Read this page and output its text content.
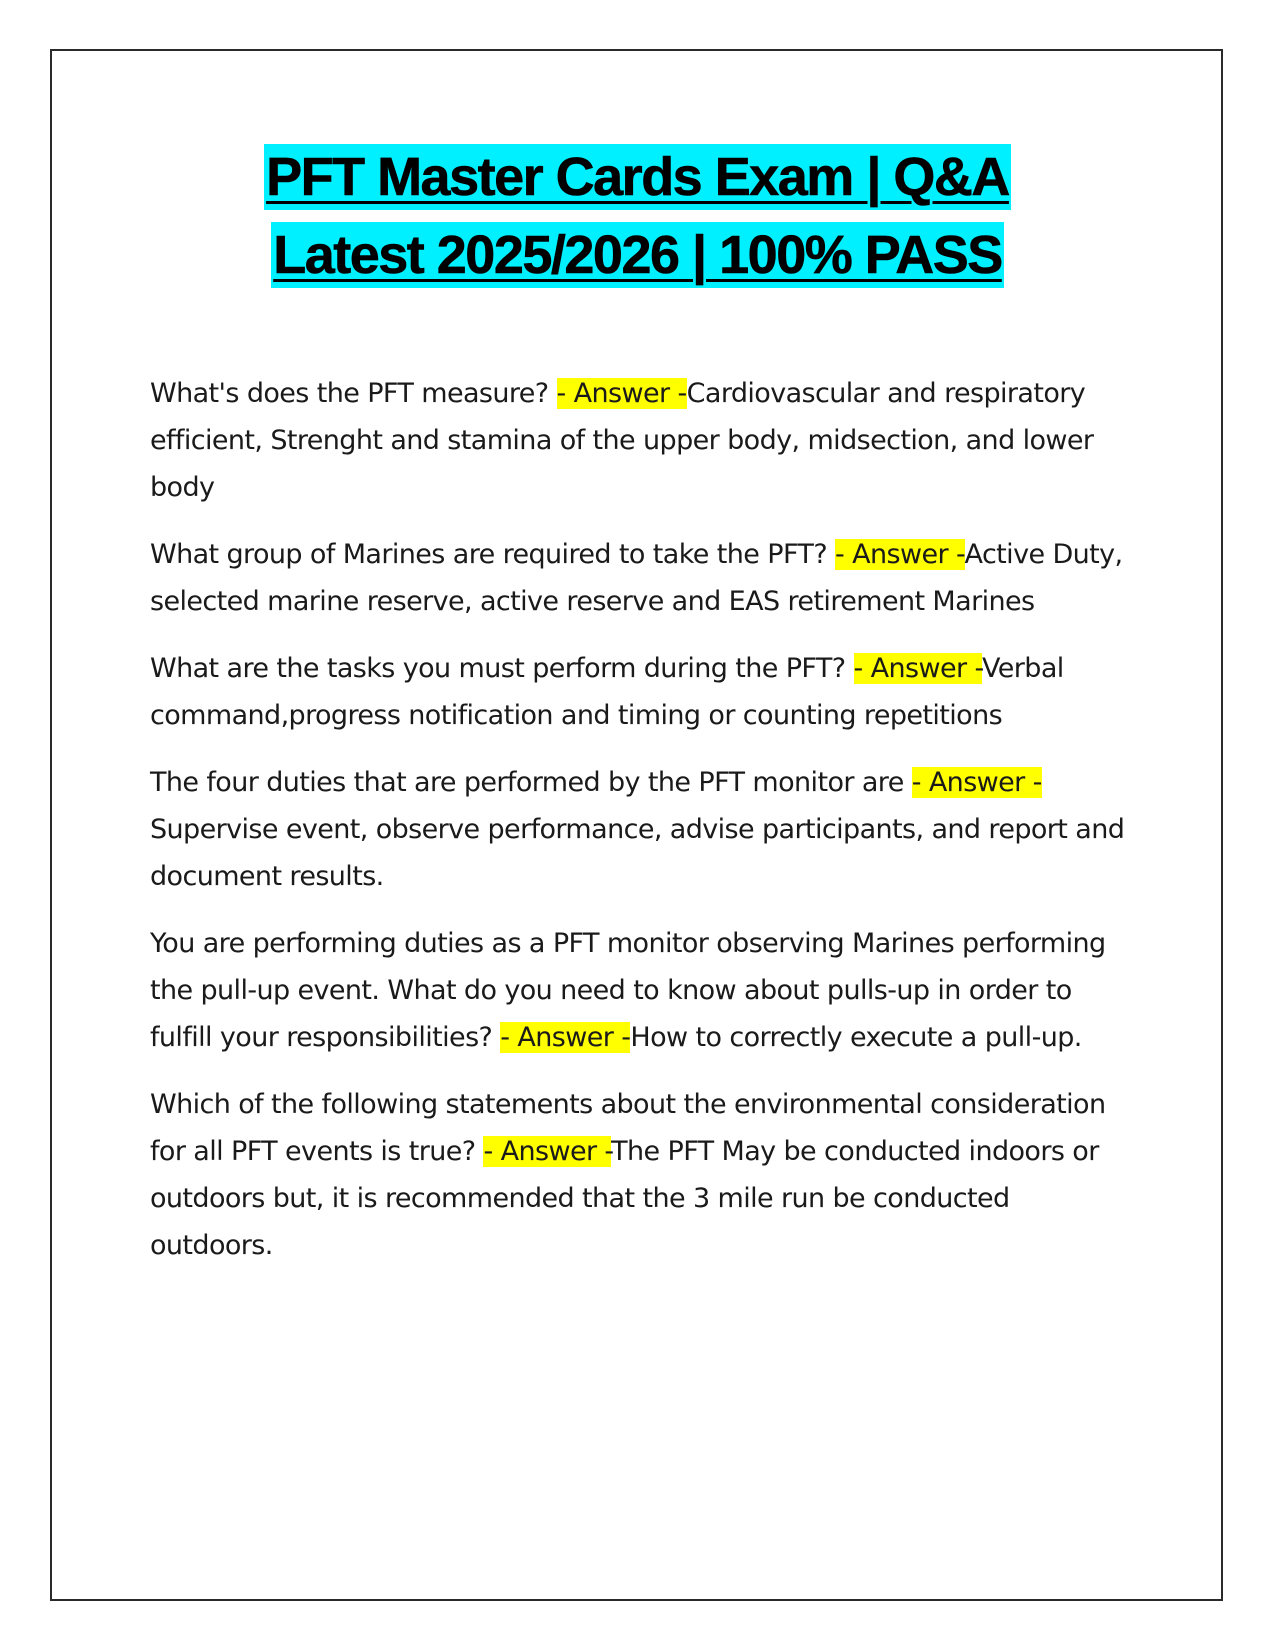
PFT Master Cards Exam | Q&A
Latest 2025/2026 | 100% PASS

What's does the PFT measure? - Answer -Cardiovascular and respiratory efficient, Strenght and stamina of the upper body, midsection, and lower body

What group of Marines are required to take the PFT? - Answer -Active Duty, selected marine reserve, active reserve and EAS retirement Marines

What are the tasks you must perform during the PFT? - Answer -Verbal command,progress notification and timing or counting repetitions

The four duties that are performed by the PFT monitor are - Answer -Supervise event, observe performance, advise participants, and report and document results.

You are performing duties as a PFT monitor observing Marines performing the pull-up event. What do you need to know about pulls-up in order to fulfill your responsibilities? - Answer -How to correctly execute a pull-up.

Which of the following statements about the environmental consideration for all PFT events is true? - Answer -The PFT May be conducted indoors or outdoors but, it is recommended that the 3 mile run be conducted outdoors.
